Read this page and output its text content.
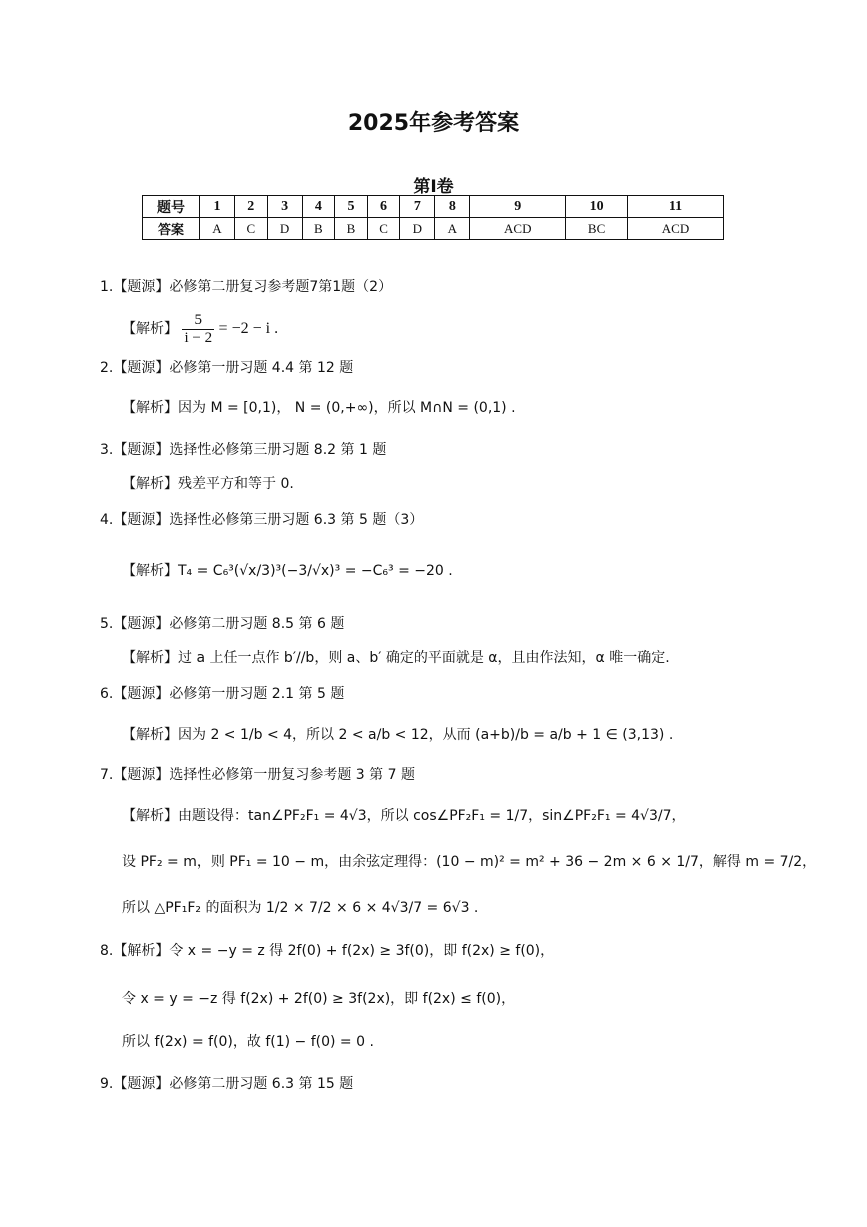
2025年参考答案
第Ⅰ卷
题号	1	2	3	4	5	6	7	8	9	10	11
答案	A	C	D	B	B	C	D	A	ACD	BC	ACD
1.【题源】必修第二册复习参考题7第1题（2）
【解析】 $\frac{5}{i - 2} = -2 - i$ .
2.【题源】必修第一册习题 4.4 第 12 题
【解析】因为 M = [0,1)， N = (0,+∞)，所以 M∩N = (0,1) .
3.【题源】选择性必修第三册习题 8.2 第 1 题
【解析】残差平方和等于 0.
4.【题源】选择性必修第三册习题 6.3 第 5 题（3）
【解析】T₄ = C₆³(√x/3)³(−3/√x)³ = −C₆³ = −20 .
5.【题源】必修第二册习题 8.5 第 6 题
【解析】过 a 上任一点作 b′//b，则 a、b′ 确定的平面就是 α，且由作法知，α 唯一确定.
6.【题源】必修第一册习题 2.1 第 5 题
【解析】因为 2 < 1/b < 4，所以 2 < a/b < 12，从而 (a+b)/b = a/b + 1 ∈ (3,13) .
7.【题源】选择性必修第一册复习参考题 3 第 7 题
【解析】由题设得：tan∠PF₂F₁ = 4√3，所以 cos∠PF₂F₁ = 1/7，sin∠PF₂F₁ = 4√3/7，
设 PF₂ = m，则 PF₁ = 10 − m，由余弦定理得：(10 − m)² = m² + 36 − 2m × 6 × 1/7，解得 m = 7/2，
所以 △PF₁F₂ 的面积为 1/2 × 7/2 × 6 × 4√3/7 = 6√3 .
8.【解析】令 x = −y = z 得 2f(0) + f(2x) ≥ 3f(0)，即 f(2x) ≥ f(0)，
令 x = y = −z 得 f(2x) + 2f(0) ≥ 3f(2x)，即 f(2x) ≤ f(0)，
所以 f(2x) = f(0)，故 f(1) − f(0) = 0 .
9.【题源】必修第二册习题 6.3 第 15 题
